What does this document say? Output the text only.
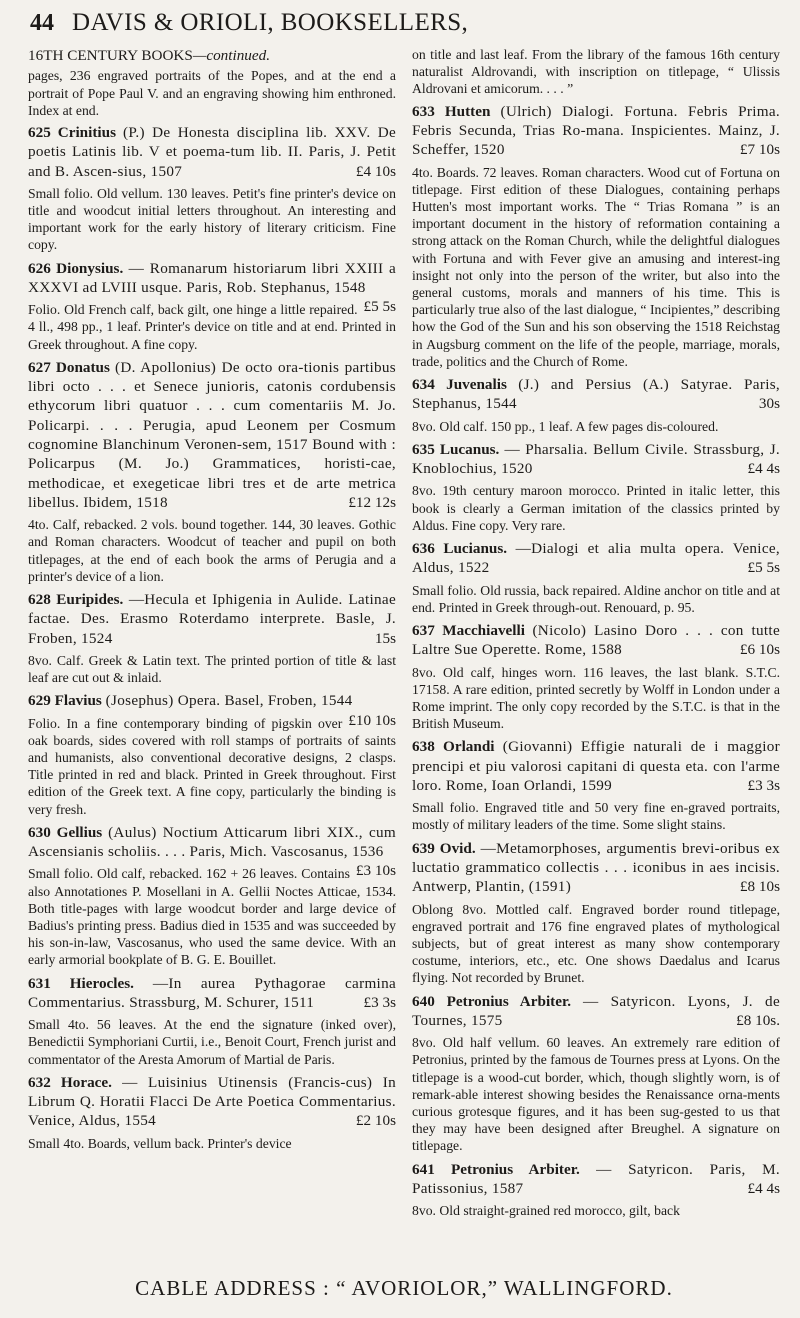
44 DAVIS & ORIOLI, BOOKSELLERS,
16TH CENTURY BOOKS—continued.

pages, 236 engraved portraits of the Popes, and at the end a portrait of Pope Paul V. and an engraving showing him enthroned. Index at end.

625 Crinitius (P.) De Honesta disciplina lib. XXV. De poetis Latinis lib. V et poema-tum lib. II. Paris, J. Petit and B. Ascen-sius, 1507	£4 10s

Small folio. Old vellum. 130 leaves. Petit's fine printer's device on title and woodcut initial letters throughout. An interesting and important work for the early history of literary criticism. Fine copy.

626 Dionysius. — Romanarum historiarum libri XXIII a XXXVI ad LVIII usque. Paris, Rob. Stephanus, 1548
£5 5s

Folio. Old French calf, back gilt, one hinge a little repaired. 4 ll., 498 pp., 1 leaf. Printer's device on title and at end. Printed in Greek throughout. A fine copy.

627 Donatus (D. Apollonius) De octo ora-tionis partibus libri octo . . . et Senece junioris, catonis cordubensis ethycorum libri quatuor . . . cum comentariis M. Jo. Policarpi. . . . Perugia, apud Leonem per Cosmum cognomine Blanchinum Veronen-sem, 1517 Bound with : Policarpus (M. Jo.) Grammatices, horisti-cae, methodicae, et exegeticae libri tres et de arte metrica libellus. Ibidem, 1518	£12 12s

4to. Calf, rebacked. 2 vols. bound together. 144, 30 leaves. Gothic and Roman characters. Woodcut of teacher and pupil on both titlepages, at the end of each book the arms of Perugia and a printer's device of a lion.

628 Euripides. —Hecula et Iphigenia in Aulide. Latinae factae. Des. Erasmo Roterdamo interprete. Basle, J. Froben, 1524	15s

8vo. Calf. Greek & Latin text. The printed portion of title & last leaf are cut out & inlaid.

629 Flavius (Josephus) Opera. Basel, Froben, 1544
£10 10s

Folio. In a fine contemporary binding of pigskin over oak boards, sides covered with roll stamps of portraits of saints and humanists, also conventional decorative designs, 2 clasps. Title printed in red and black. Printed in Greek throughout. First edition of the Greek text. A fine copy, particularly the binding is very fresh.

630 Gellius (Aulus) Noctium Atticarum libri XIX., cum Ascensianis scholiis. . . . Paris, Mich. Vascosanus, 1536
£3 10s

Small folio. Old calf, rebacked. 162 + 26 leaves. Contains also Annotationes P. Mosellani in A. Gellii Noctes Atticae, 1534. Both title-pages with large woodcut border and large device of Badius's printing press. Badius died in 1535 and was succeeded by his son-in-law, Vascosanus, who used the same device. With an early armorial bookplate of B. G. E. Bouillet.

631 Hierocles. —In aurea Pythagorae carmina Commentarius. Strassburg, M. Schurer, 1511	£3 3s

Small 4to. 56 leaves. At the end the signature (inked over), Benedictii Symphoriani Curtii, i.e., Benoit Court, French jurist and commentator of the Aresta Amorum of Martial de Paris.

632 Horace. — Luisinius Utinensis (Francis-cus) In Librum Q. Horatii Flacci De Arte Poetica Commentarius. Venice, Aldus, 1554	£2 10s

Small 4to. Boards, vellum back. Printer's device

on title and last leaf. From the library of the famous 16th century naturalist Aldrovandi, with inscription on titlepage, “ Ulissis Aldrovani et amicorum. . . . ”

633 Hutten (Ulrich) Dialogi. Fortuna. Febris Prima. Febris Secunda, Trias Ro-mana. Inspicientes. Mainz, J. Scheffer, 1520	£7 10s

4to. Boards. 72 leaves. Roman characters. Wood cut of Fortuna on titlepage. First edition of these Dialogues, containing perhaps Hutten's most important works. The “ Trias Romana ” is an important document in the history of reformation containing a strong attack on the Roman Church, while the delightful dialogues with Fortuna and with Fever give an amusing and interest-ing insight not only into the person of the writer, but also into the general customs, morals and manners of his time. This is particularly true also of the last dialogue, “ Incipientes,” describing how the God of the Sun and his son observing the 1518 Reichstag in Augsburg comment on the life of the people, marriage, morals, trade, politics and the Church of Rome.

634 Juvenalis (J.) and Persius (A.) Satyrae. Paris, Stephanus, 1544	30s

8vo. Old calf. 150 pp., 1 leaf. A few pages dis-coloured.

635 Lucanus. — Pharsalia. Bellum Civile. Strassburg, J. Knoblochius, 1520	£4 4s

8vo. 19th century maroon morocco. Printed in italic letter, this book is clearly a German imitation of the classics printed by Aldus. Fine copy. Very rare.

636 Lucianus. —Dialogi et alia multa opera. Venice, Aldus, 1522	£5 5s

Small folio. Old russia, back repaired. Aldine anchor on title and at end. Printed in Greek through-out. Renouard, p. 95.

637 Macchiavelli (Nicolo) Lasino Doro . . . con tutte Laltre Sue Operette. Rome, 1588	£6 10s

8vo. Old calf, hinges worn. 116 leaves, the last blank. S.T.C. 17158. A rare edition, printed secretly by Wolff in London under a Rome imprint. The only copy recorded by the S.T.C. is that in the British Museum.

638 Orlandi (Giovanni) Effigie naturali de i maggior prencipi et piu valorosi capitani di questa eta. con l'arme loro. Rome, Ioan Orlandi, 1599	£3 3s

Small folio. Engraved title and 50 very fine en-graved portraits, mostly of military leaders of the time. Some slight stains.

639 Ovid. —Metamorphoses, argumentis brevi-oribus ex luctatio grammatico collectis . . . iconibus in aes incisis. Antwerp, Plantin, (1591)	£8 10s

Oblong 8vo. Mottled calf. Engraved border round titlepage, engraved portrait and 176 fine engraved plates of mythological subjects, but of great interest as many show contemporary costume, interiors, etc., etc. One shows Daedalus and Icarus flying. Not recorded by Brunet.

640 Petronius Arbiter. — Satyricon. Lyons, J. de Tournes, 1575	£8 10s.

8vo. Old half vellum. 60 leaves. An extremely rare edition of Petronius, printed by the famous de Tournes press at Lyons. On the titlepage is a wood-cut border, which, though slightly worn, is of remark-able interest showing besides the Renaissance orna-ments curious grotesque figures, and it has been sug-gested to us that they may have been designed after Breughel. A signature on titlepage.

641 Petronius Arbiter. — Satyricon. Paris, M. Patissonius, 1587	£4 4s

8vo. Old straight-grained red morocco, gilt, back

CABLE ADDRESS : “ AVORIOLOR,” WALLINGFORD.
